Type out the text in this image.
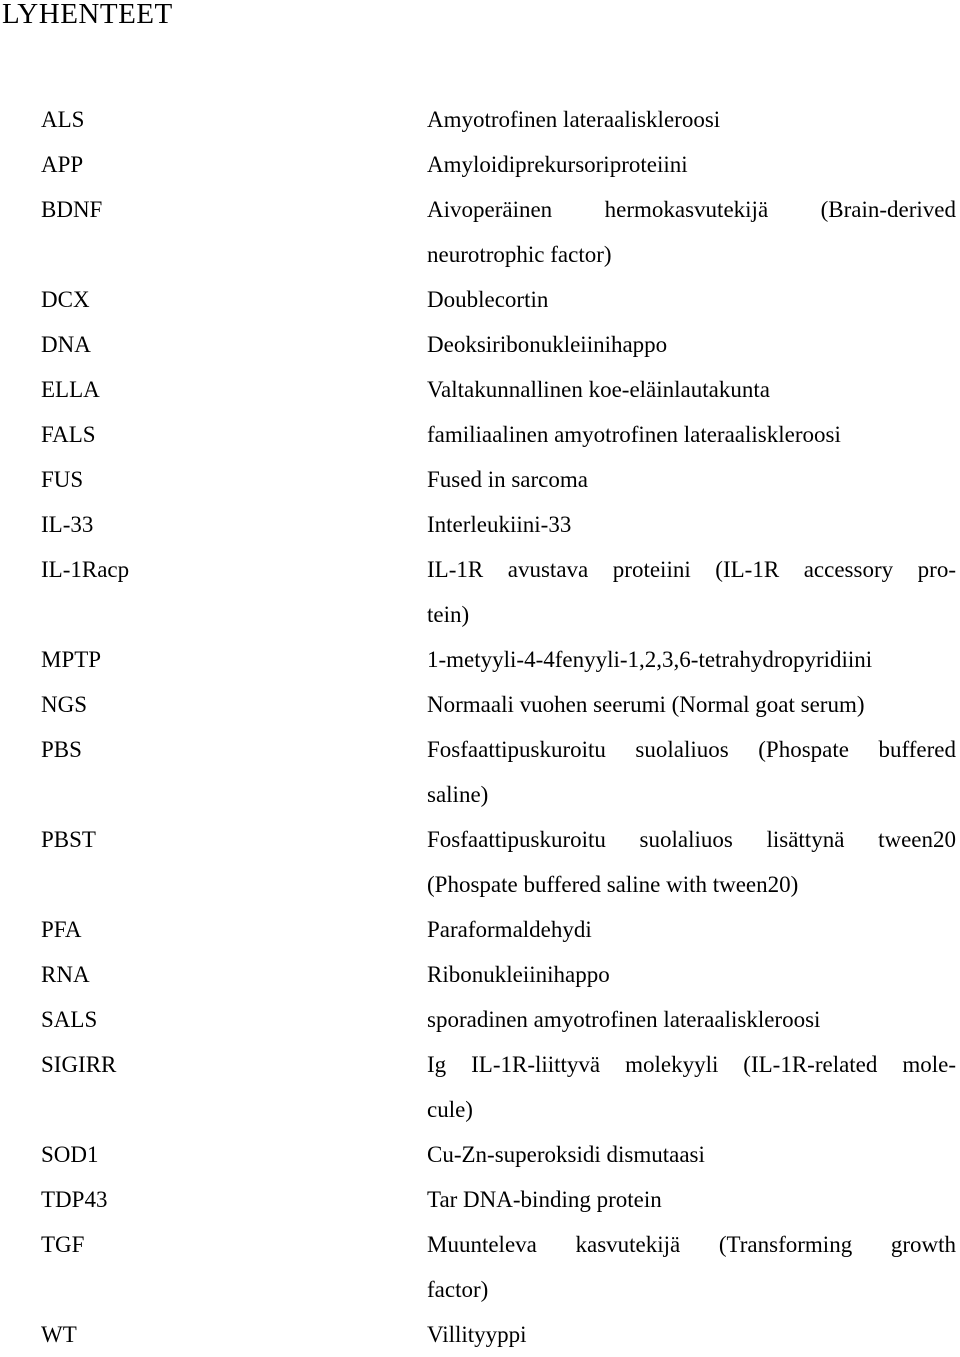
LYHENTEET
ALS	Amyotrofinen lateraaliskleroosi
APP	Amyloidiprekursoriproteiini
BDNF	Aivoperäinen hermokasvutekijä (Brain-derived
neurotrophic factor)
DCX	Doublecortin
DNA	Deoksiribonukleiinihappo
ELLA	Valtakunnallinen koe-eläinlautakunta
FALS	familiaalinen amyotrofinen lateraaliskleroosi
FUS	Fused in sarcoma
IL-33	Interleukiini-33
IL-1Racp	IL-1R avustava proteiini (IL-1R accessory pro-
tein)
MPTP	1-metyyli-4-4fenyyli-1,2,3,6-tetrahydropyridiini
NGS	Normaali vuohen seerumi (Normal goat serum)
PBS	Fosfaattipuskuroitu suolaliuos (Phospate buffered
saline)
PBST	Fosfaattipuskuroitu suolaliuos lisättynä tween20
(Phospate buffered saline with tween20)
PFA	Paraformaldehydi
RNA	Ribonukleiinihappo
SALS	sporadinen amyotrofinen lateraaliskleroosi
SIGIRR	Ig IL-1R-liittyvä molekyyli (IL-1R-related mole-
cule)
SOD1	Cu-Zn-superoksidi dismutaasi
TDP43	Tar DNA-binding protein
TGF	Muunteleva kasvutekijä (Transforming growth
factor)
WT	Villityyppi
